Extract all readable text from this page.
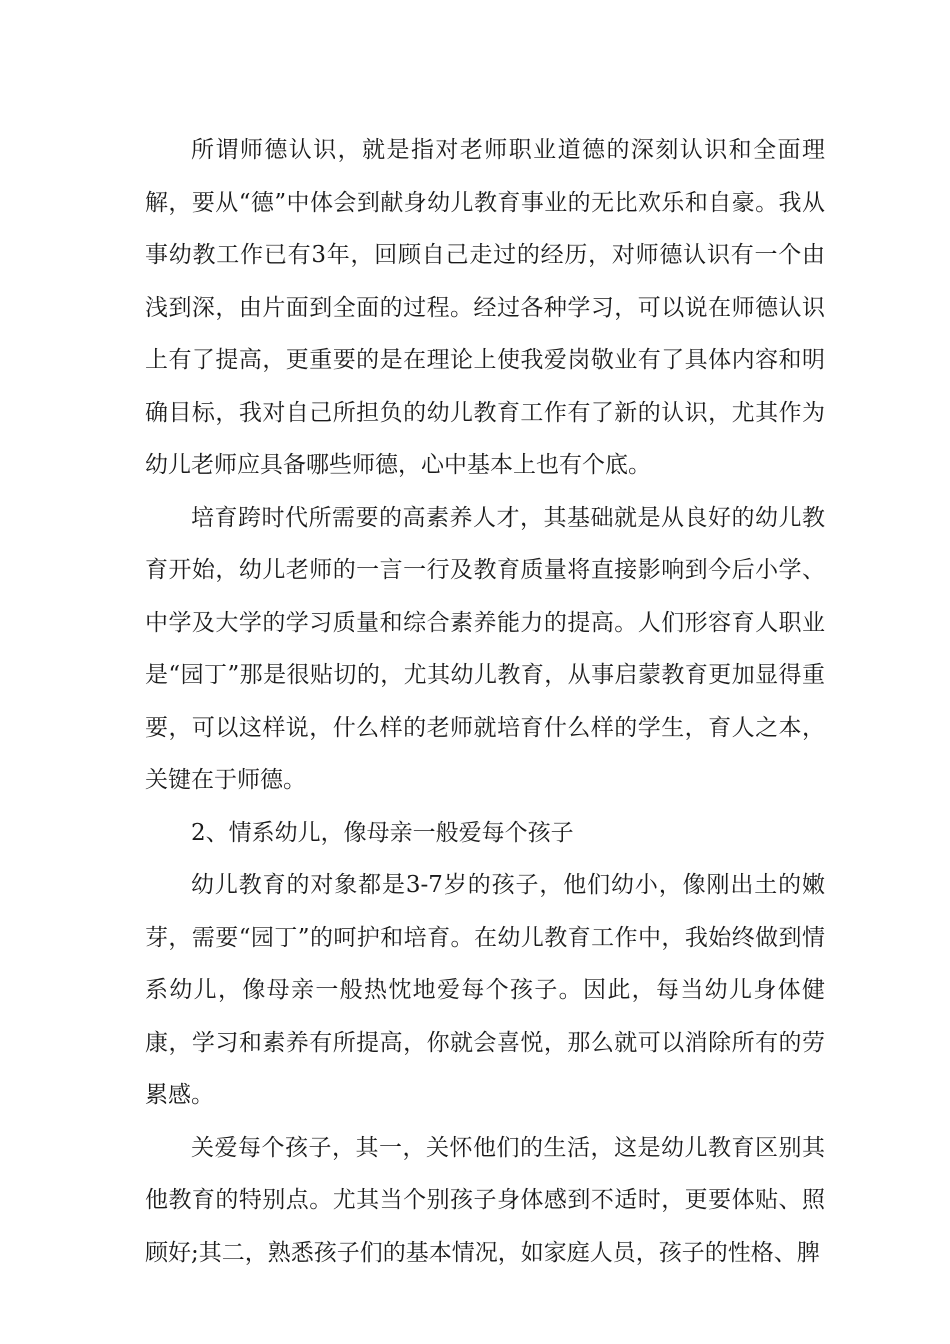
所谓师德认识，就是指对老师职业道德的深刻认识和全面理解，要从“德”中体会到献身幼儿教育事业的无比欢乐和自豪。我从事幼教工作已有3年，回顾自己走过的经历，对师德认识有一个由浅到深，由片面到全面的过程。经过各种学习，可以说在师德认识上有了提高，更重要的是在理论上使我爱岗敬业有了具体内容和明确目标，我对自己所担负的幼儿教育工作有了新的认识，尤其作为幼儿老师应具备哪些师德，心中基本上也有个底。

培育跨时代所需要的高素养人才，其基础就是从良好的幼儿教育开始，幼儿老师的一言一行及教育质量将直接影响到今后小学、中学及大学的学习质量和综合素养能力的提高。人们形容育人职业是“园丁”那是很贴切的，尤其幼儿教育，从事启蒙教育更加显得重要，可以这样说，什么样的老师就培育什么样的学生，育人之本，关键在于师德。

2、情系幼儿，像母亲一般爱每个孩子

幼儿教育的对象都是3-7岁的孩子，他们幼小，像刚出土的嫩芽，需要“园丁”的呵护和培育。在幼儿教育工作中，我始终做到情系幼儿，像母亲一般热忱地爱每个孩子。因此，每当幼儿身体健康，学习和素养有所提高，你就会喜悦，那么就可以消除所有的劳累感。

关爱每个孩子，其一，关怀他们的生活，这是幼儿教育区别其他教育的特别点。尤其当个别孩子身体感到不适时，更要体贴、照顾好;其二，熟悉孩子们的基本情况，如家庭人员，孩子的性格、脾
